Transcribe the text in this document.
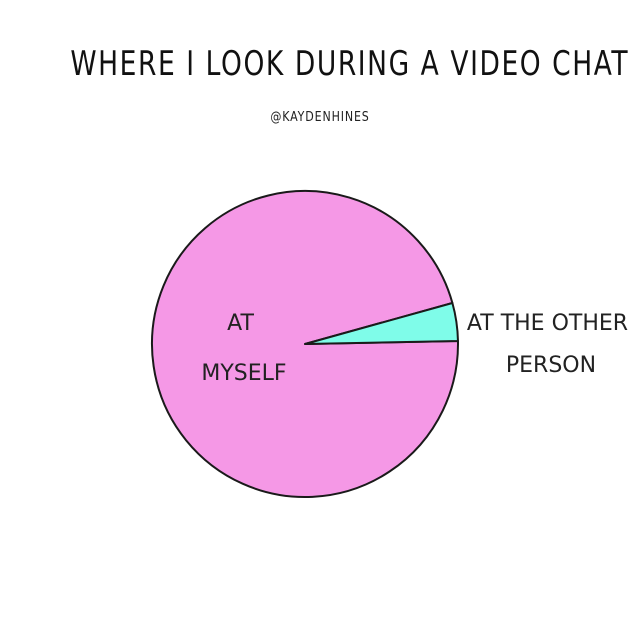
WHERE I LOOK DURING A VIDEO CHAT
@KAYDENHINES
AT MYSELF
AT THE OTHER PERSON
